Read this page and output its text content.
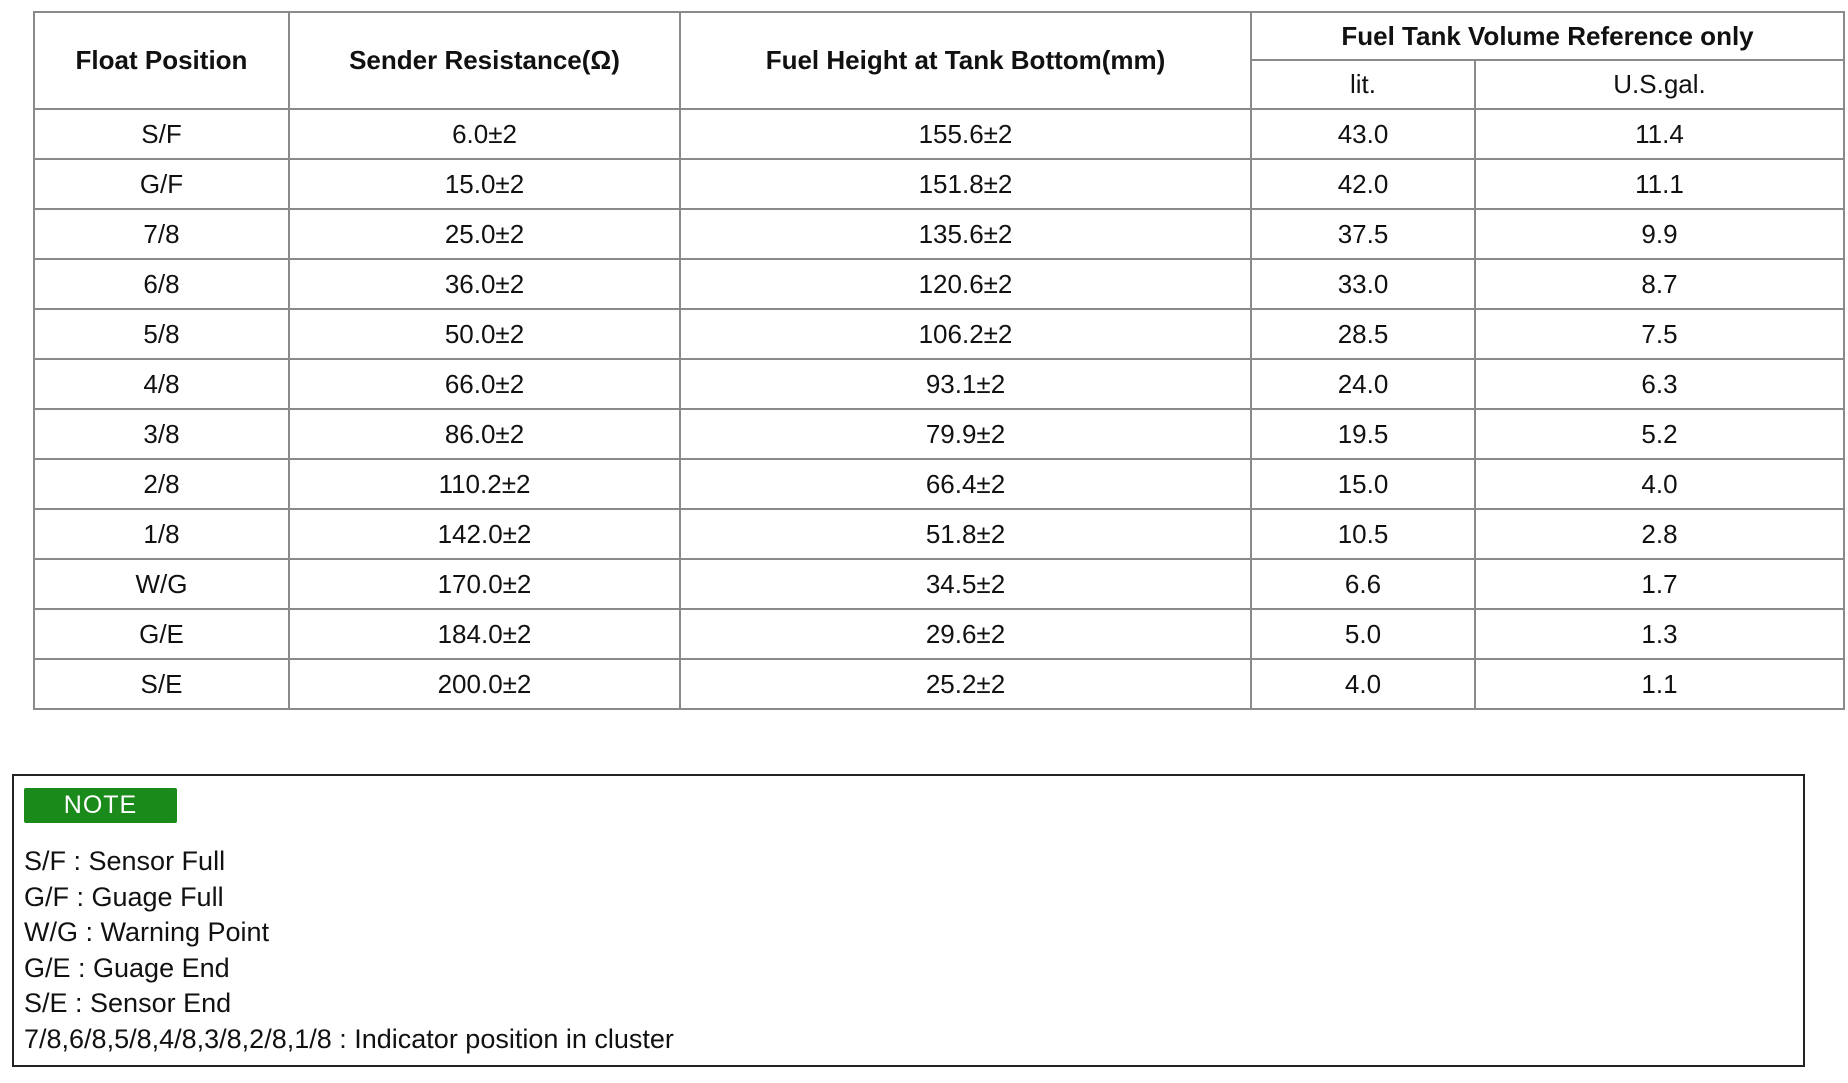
Float Position	Sender Resistance(Ω)	Fuel Height at Tank Bottom(mm)	Fuel Tank Volume Reference only	
			lit.	U.S.gal.
S/F	6.0±2	155.6±2	43.0	11.4
G/F	15.0±2	151.8±2	42.0	11.1
7/8	25.0±2	135.6±2	37.5	9.9
6/8	36.0±2	120.6±2	33.0	8.7
5/8	50.0±2	106.2±2	28.5	7.5
4/8	66.0±2	93.1±2	24.0	6.3
3/8	86.0±2	79.9±2	19.5	5.2
2/8	110.2±2	66.4±2	15.0	4.0
1/8	142.0±2	51.8±2	10.5	2.8
W/G	170.0±2	34.5±2	6.6	1.7
G/E	184.0±2	29.6±2	5.0	1.3
S/E	200.0±2	25.2±2	4.0	1.1
NOTE
S/F : Sensor Full
G/F : Guage Full
W/G : Warning Point
G/E : Guage End
S/E : Sensor End
7/8,6/8,5/8,4/8,3/8,2/8,1/8 : Indicator position in cluster
